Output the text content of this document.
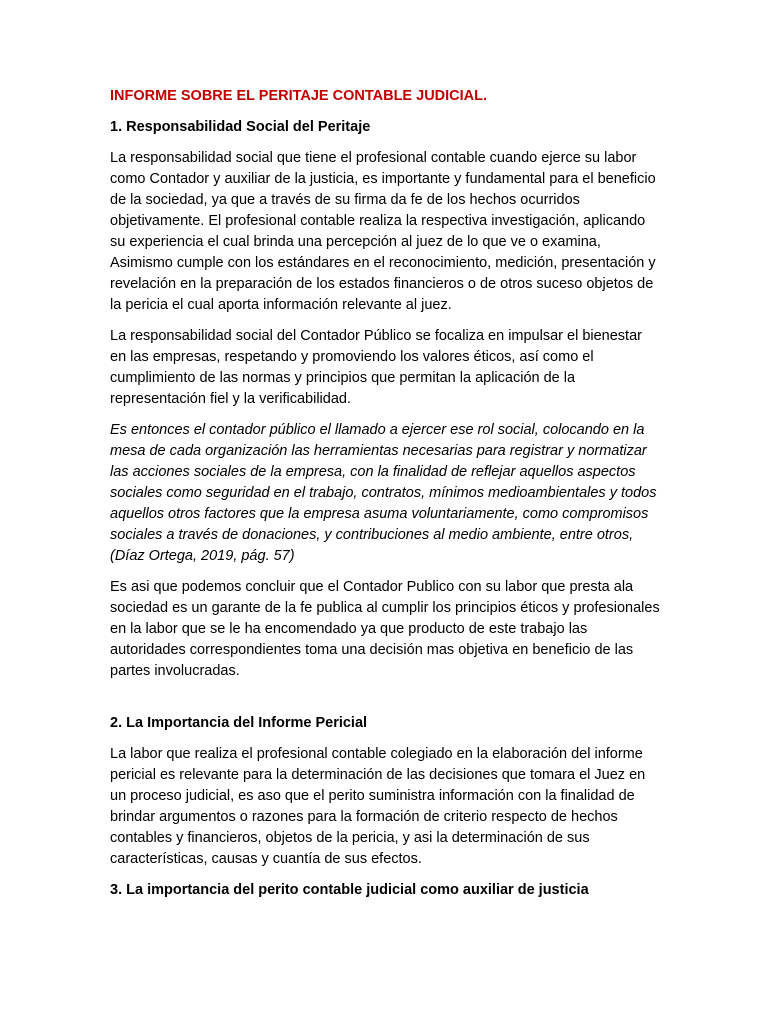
INFORME SOBRE EL PERITAJE CONTABLE JUDICIAL.
1. Responsabilidad Social del Peritaje

La responsabilidad social que tiene el profesional contable cuando ejerce su labor como Contador y auxiliar de la justicia, es importante y fundamental para el beneficio de la sociedad, ya que a través de su firma da fe de los hechos ocurridos objetivamente. El profesional contable realiza la respectiva investigación, aplicando su experiencia el cual brinda una percepción al juez de lo que ve o examina, Asimismo cumple con los estándares en el reconocimiento, medición, presentación y revelación en la preparación de los estados financieros o de otros suceso objetos de la pericia el cual aporta información relevante al juez.

La responsabilidad social del Contador Público se focaliza en impulsar el bienestar en las empresas, respetando y promoviendo los valores éticos, así como el cumplimiento de las normas y principios que permitan la aplicación de la representación fiel y la verificabilidad.

Es entonces el contador público el llamado a ejercer ese rol social, colocando en la mesa de cada organización las herramientas necesarias para registrar y normatizar las acciones sociales de la empresa, con la finalidad de reflejar aquellos aspectos sociales como seguridad en el trabajo, contratos, mínimos medioambientales y todos aquellos otros factores que la empresa asuma voluntariamente, como compromisos sociales a través de donaciones, y contribuciones al medio ambiente, entre otros, (Díaz Ortega, 2019, pág. 57)

Es asi que podemos concluir que el Contador Publico con su labor que presta ala sociedad es un garante de la fe publica al cumplir los principios éticos y profesionales en la labor que se le ha encomendado ya que producto de este trabajo las autoridades correspondientes toma una decisión mas objetiva en beneficio de las partes involucradas.

2. La Importancia del Informe Pericial

La labor que realiza el profesional contable colegiado en la elaboración del informe pericial es relevante para la determinación de las decisiones que tomara el Juez en un proceso judicial, es aso que el perito suministra información con la finalidad de brindar argumentos o razones para la formación de criterio respecto de hechos contables y financieros, objetos de la pericia, y asi la determinación de sus características, causas y cuantía de sus efectos.

3. La importancia del perito contable judicial como auxiliar de justicia
